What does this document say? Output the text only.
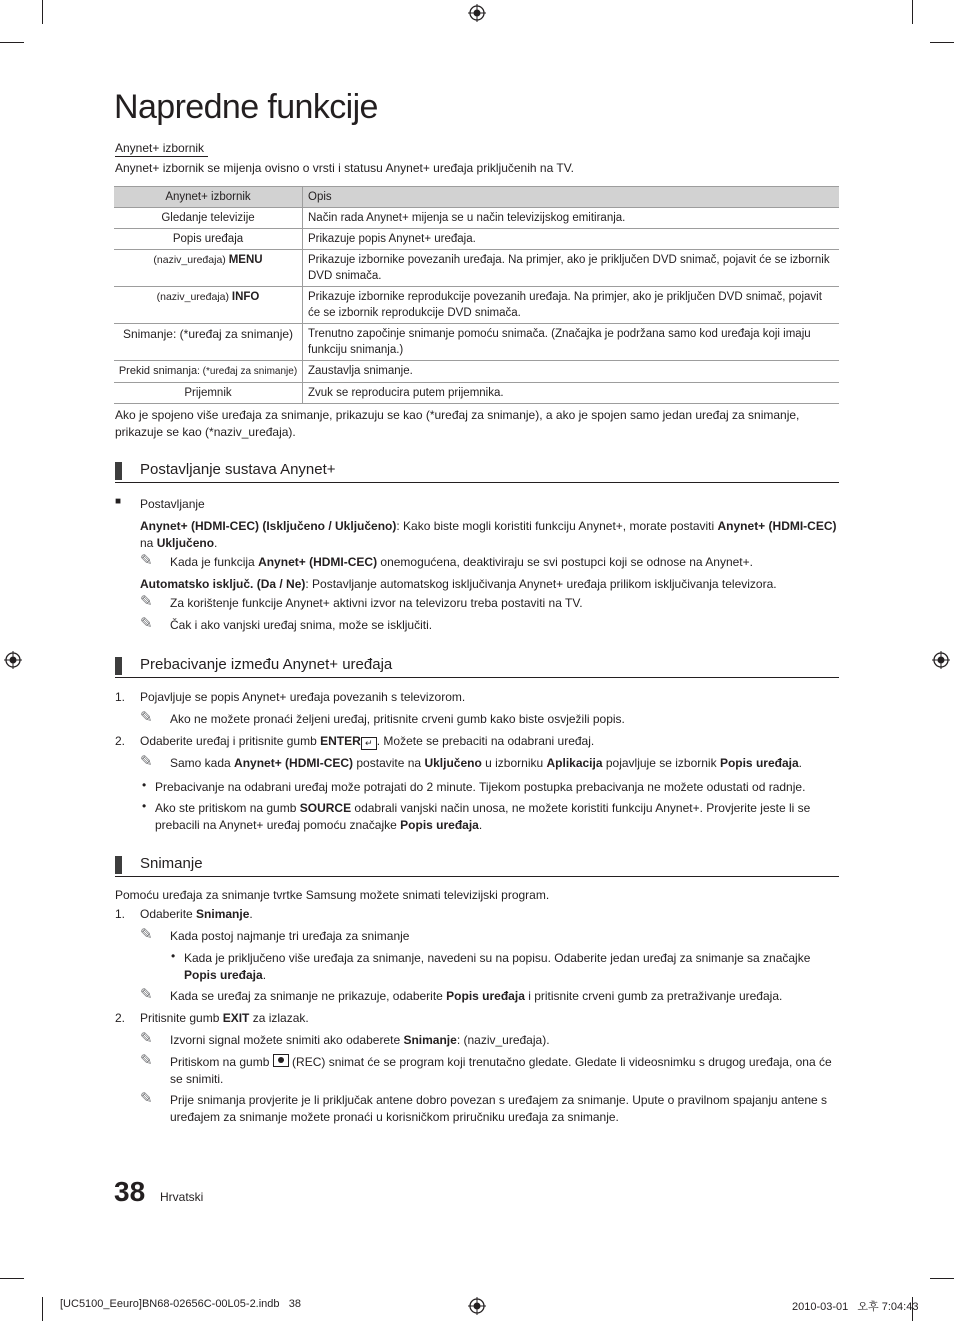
Napredne funkcije
Anynet+ izbornik
Anynet+ izbornik se mijenja ovisno o vrsti i statusu Anynet+ uređaja priključenih na TV.
Anynet+ izbornik	Opis
Gledanje televizije	Način rada Anynet+ mijenja se u način televizijskog emitiranja.
Popis uređaja	Prikazuje popis Anynet+ uređaja.
(naziv_uređaja) MENU	Prikazuje izbornike povezanih uređaja. Na primjer, ako je priključen DVD snimač, pojavit će se izbornik DVD snimača.
(naziv_uređaja) INFO	Prikazuje izbornike reprodukcije povezanih uređaja. Na primjer, ako je priključen DVD snimač, pojavit će se izbornik reprodukcije DVD snimača.
Snimanje: (*uređaj za snimanje)	Trenutno započinje snimanje pomoću snimača. (Značajka je podržana samo kod uređaja koji imaju funkciju snimanja.)
Prekid snimanja: (*uređaj za snimanje)	Zaustavlja snimanje.
Prijemnik	Zvuk se reproducira putem prijemnika.
Ako je spojeno više uređaja za snimanje, prikazuju se kao (*uređaj za snimanje), a ako je spojen samo jedan uređaj za snimanje, prikazuje se kao (*naziv_uređaja).
Postavljanje sustava Anynet+
■ Postavljanje
Anynet+ (HDMI-CEC) (Isključeno / Uključeno): Kako biste mogli koristiti funkciju Anynet+, morate postaviti Anynet+ (HDMI-CEC) na Uključeno.
✎ Kada je funkcija Anynet+ (HDMI-CEC) onemogućena, deaktiviraju se svi postupci koji se odnose na Anynet+.
Automatsko isključ. (Da / Ne): Postavljanje automatskog isključivanja Anynet+ uređaja prilikom isključivanja televizora.
✎ Za korištenje funkcije Anynet+ aktivni izvor na televizoru treba postaviti na TV.
✎ Čak i ako vanjski uređaj snima, može se isključiti.
Prebacivanje između Anynet+ uređaja
1. Pojavljuje se popis Anynet+ uređaja povezanih s televizorom.
✎ Ako ne možete pronaći željeni uređaj, pritisnite crveni gumb kako biste osvježili popis.
2. Odaberite uređaj i pritisnite gumb ENTER ↵ . Možete se prebaciti na odabrani uređaj.
✎ Samo kada Anynet+ (HDMI-CEC) postavite na Uključeno u izborniku Aplikacija pojavljuje se izbornik Popis uređaja.
• Prebacivanje na odabrani uređaj može potrajati do 2 minute. Tijekom postupka prebacivanja ne možete odustati od radnje.
• Ako ste pritiskom na gumb SOURCE odabrali vanjski način unosa, ne možete koristiti funkciju Anynet+. Provjerite jeste li se prebacili na Anynet+ uređaj pomoću značajke Popis uređaja.
Snimanje
Pomoću uređaja za snimanje tvrtke Samsung možete snimati televizijski program.
1. Odaberite Snimanje.
✎ Kada postoj najmanje tri uređaja za snimanje
• Kada je priključeno više uređaja za snimanje, navedeni su na popisu. Odaberite jedan uređaj za snimanje sa značajke Popis uređaja.
✎ Kada se uređaj za snimanje ne prikazuje, odaberite Popis uređaja i pritisnite crveni gumb za pretraživanje uređaja.
2. Pritisnite gumb EXIT za izlazak.
✎ Izvorni signal možete snimiti ako odaberete Snimanje: (naziv_uređaja).
✎ Pritiskom na gumb  (REC) snimat će se program koji trenutačno gledate. Gledate li videosnimku s drugog uređaja, ona će se snimiti.
✎ Prije snimanja provjerite je li priključak antene dobro povezan s uređajem za snimanje. Upute o pravilnom spajanju antene s uređajem za snimanje možete pronaći u korisničkom priručniku uređaja za snimanje.
38 Hrvatski
[UC5100_Eeuro]BN68-02656C-00L05-2.indb   38	2010-03-01   오후 7:04:43
